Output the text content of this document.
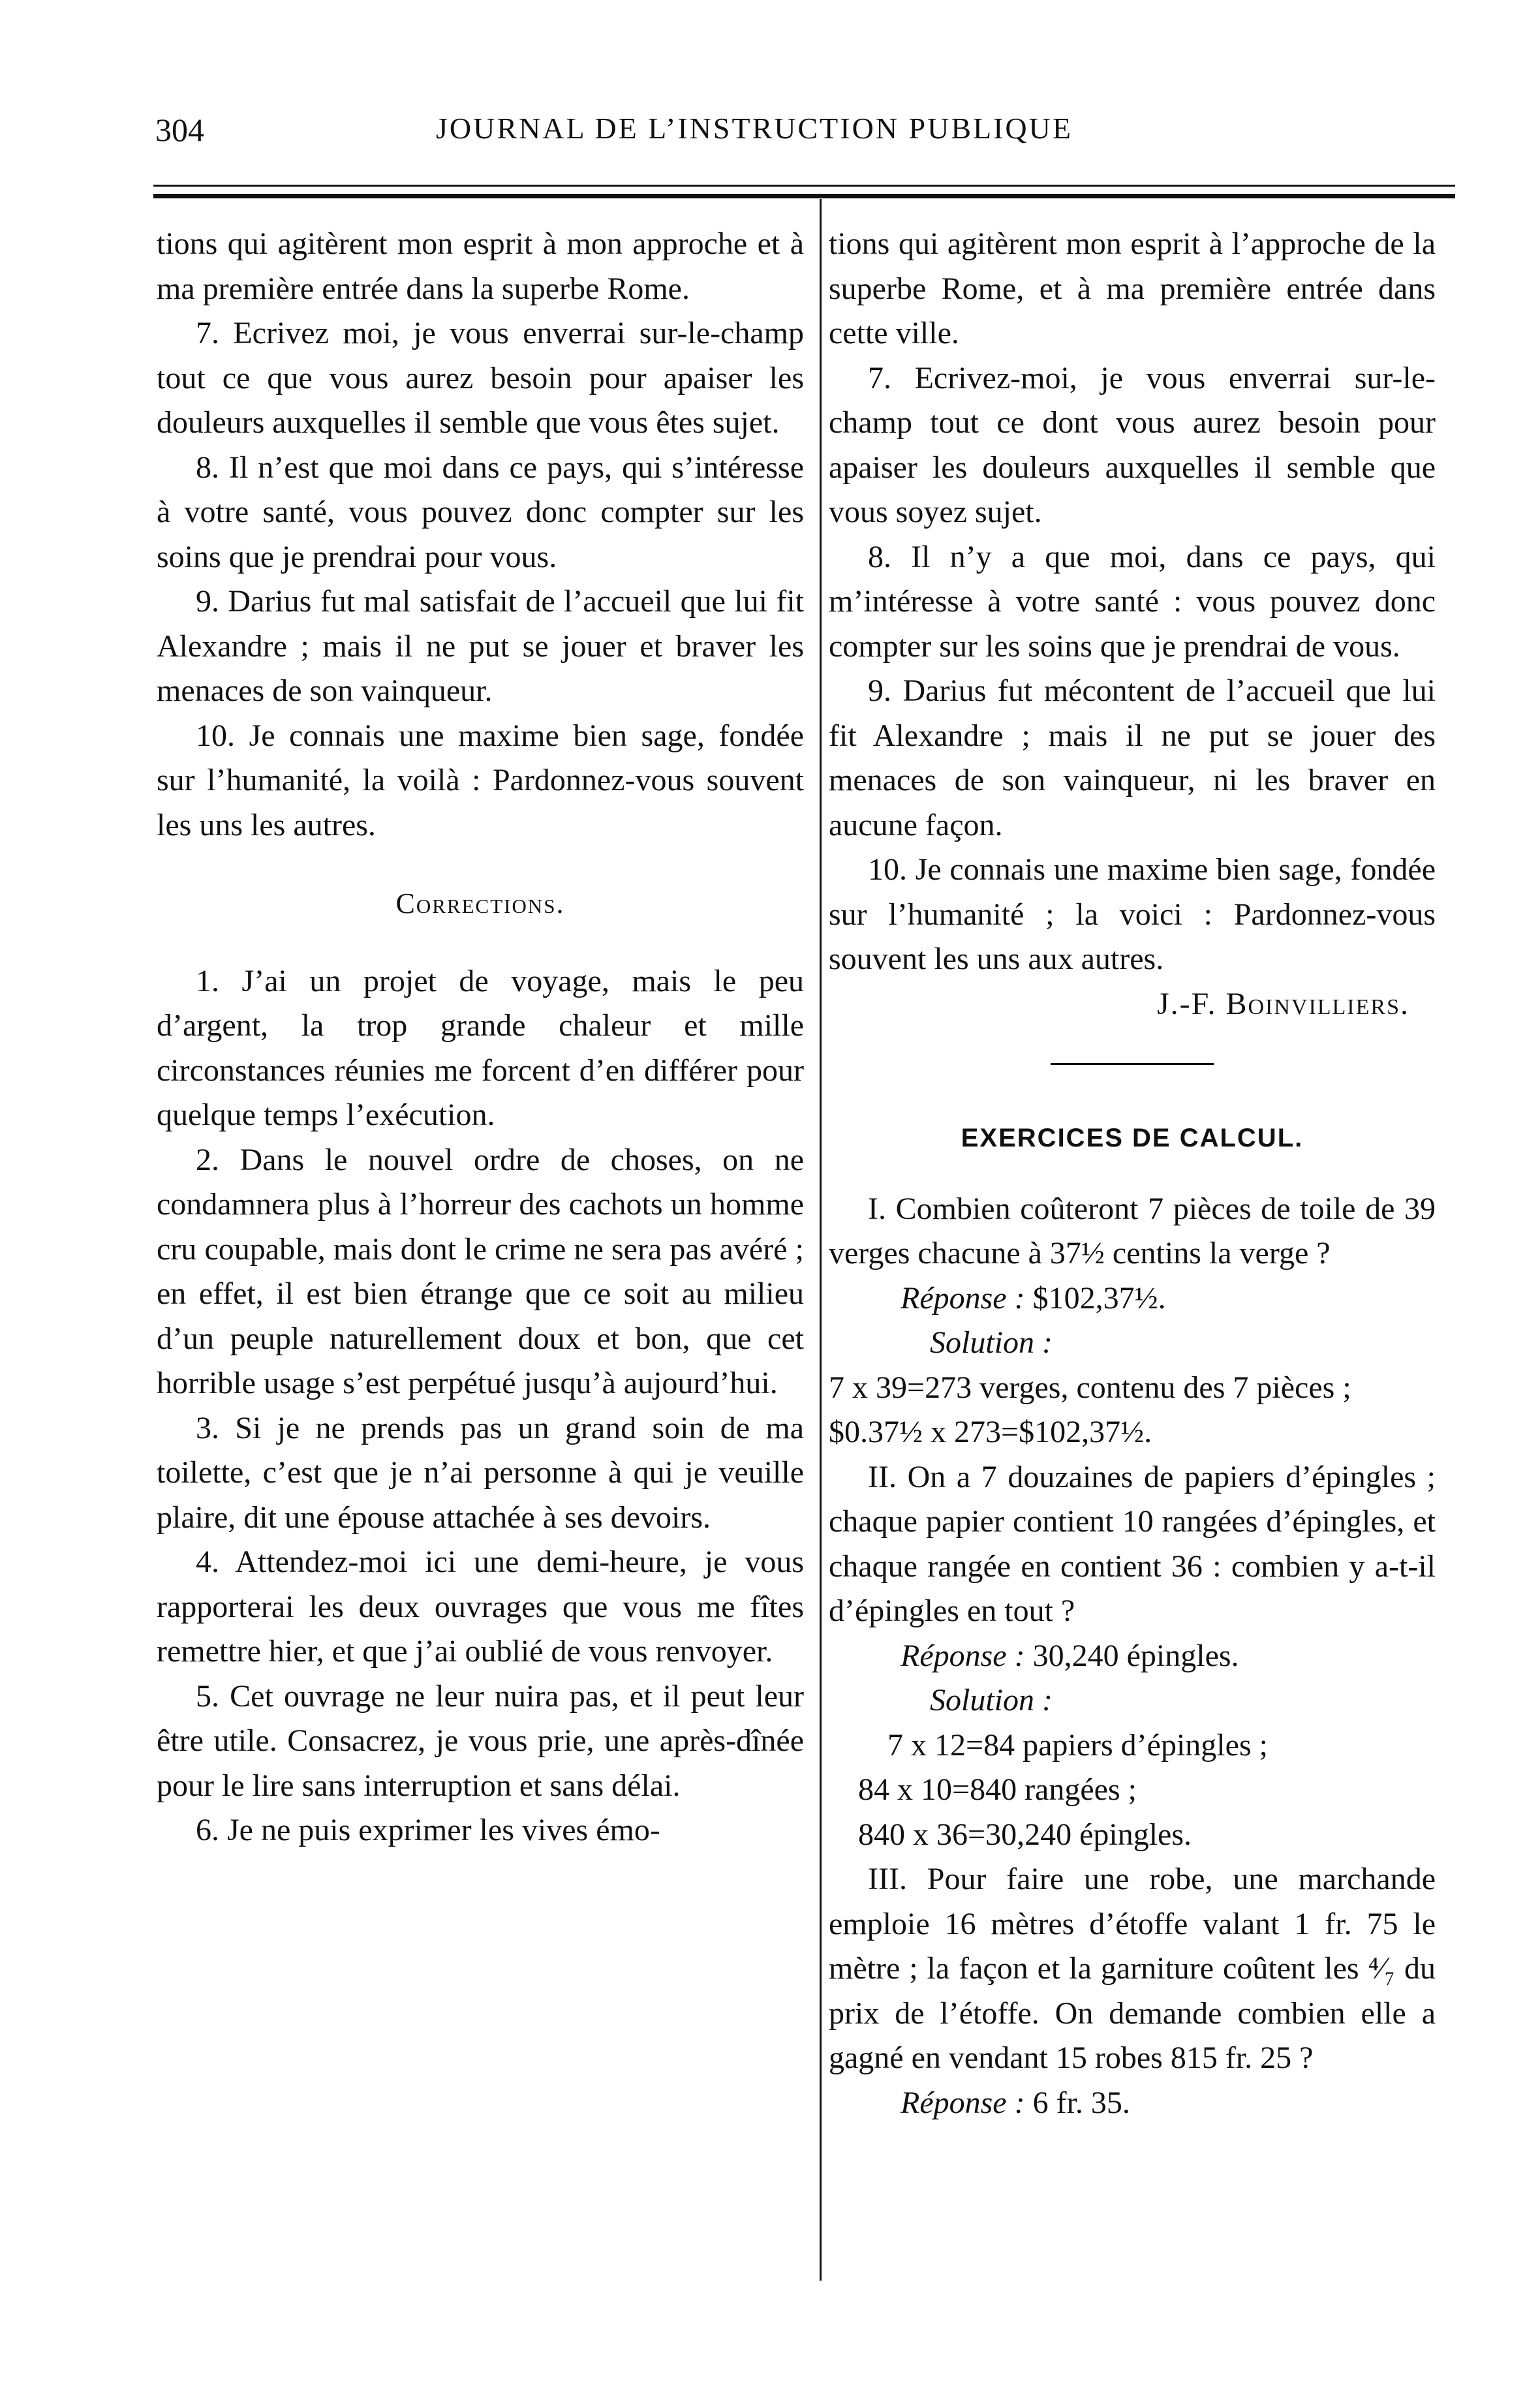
304	JOURNAL DE L’INSTRUCTION PUBLIQUE

tions qui agitèrent mon esprit à mon approche et à ma première entrée dans la superbe Rome.

7. Ecrivez moi, je vous enverrai sur-le-champ tout ce que vous aurez besoin pour apaiser les douleurs auxquelles il semble que vous êtes sujet.

8. Il n’est que moi dans ce pays, qui s’intéresse à votre santé, vous pouvez donc compter sur les soins que je prendrai pour vous.

9. Darius fut mal satisfait de l’accueil que lui fit Alexandre ; mais il ne put se jouer et braver les menaces de son vainqueur.

10. Je connais une maxime bien sage, fondée sur l’humanité, la voilà : Pardonnez-vous souvent les uns les autres.

Corrections.

1. J’ai un projet de voyage, mais le peu d’argent, la trop grande chaleur et mille circonstances réunies me forcent d’en différer pour quelque temps l’exécution.

2. Dans le nouvel ordre de choses, on ne condamnera plus à l’horreur des cachots un homme cru coupable, mais dont le crime ne sera pas avéré ; en effet, il est bien étrange que ce soit au milieu d’un peuple naturellement doux et bon, que cet horrible usage s’est perpétué jusqu’à aujourd’hui.

3. Si je ne prends pas un grand soin de ma toilette, c’est que je n’ai personne à qui je veuille plaire, dit une épouse attachée à ses devoirs.

4. Attendez-moi ici une demi-heure, je vous rapporterai les deux ouvrages que vous me fîtes remettre hier, et que j’ai oublié de vous renvoyer.

5. Cet ouvrage ne leur nuira pas, et il peut leur être utile. Consacrez, je vous prie, une après-dînée pour le lire sans interruption et sans délai.

6. Je ne puis exprimer les vives émo-

tions qui agitèrent mon esprit à l’approche de la superbe Rome, et à ma première entrée dans cette ville.

7. Ecrivez-moi, je vous enverrai sur-le-champ tout ce dont vous aurez besoin pour apaiser les douleurs auxquelles il semble que vous soyez sujet.

8. Il n’y a que moi, dans ce pays, qui m’intéresse à votre santé : vous pouvez donc compter sur les soins que je prendrai de vous.

9. Darius fut mécontent de l’accueil que lui fit Alexandre ; mais il ne put se jouer des menaces de son vainqueur, ni les braver en aucune façon.

10. Je connais une maxime bien sage, fondée sur l’humanité ; la voici : Pardonnez-vous souvent les uns aux autres.

J.-F. Boinvilliers.

EXERCICES DE CALCUL.

I. Combien coûteront 7 pièces de toile de 39 verges chacune à 37½ centins la verge ?

Réponse : $102,37½.

Solution :

7 x 39=273 verges, contenu des 7 pièces ;

$0.37½ x 273=$102,37½.

II. On a 7 douzaines de papiers d’épingles ; chaque papier contient 10 rangées d’épingles, et chaque rangée en contient 36 : combien y a-t-il d’épingles en tout ?

Réponse : 30,240 épingles.

Solution :

7 x 12=84 papiers d’épingles ;

84 x 10=840 rangées ;

840 x 36=30,240 épingles.

III. Pour faire une robe, une marchande emploie 16 mètres d’étoffe valant 1 fr. 75 le mètre ; la façon et la garniture coûtent les ⁴⁄₇ du prix de l’étoffe. On demande combien elle a gagné en vendant 15 robes 815 fr. 25 ?

Réponse : 6 fr. 35.
